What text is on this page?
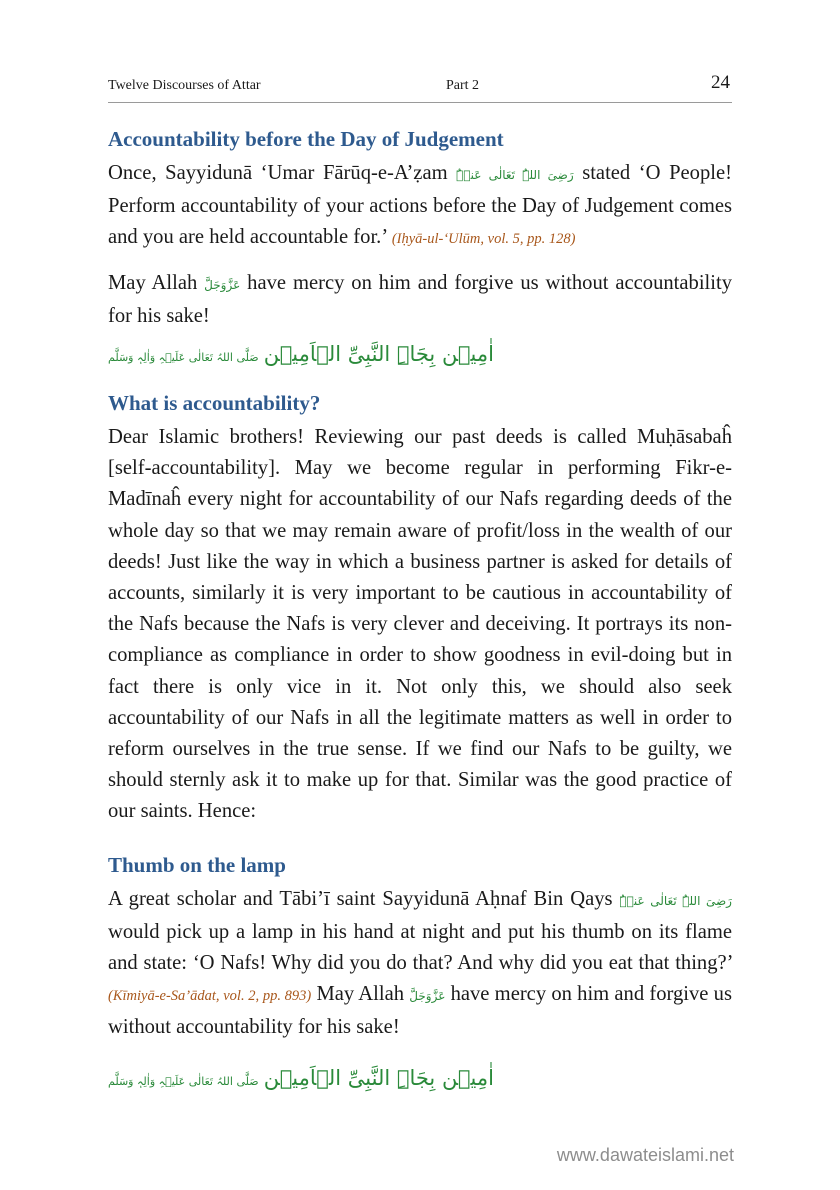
Twelve Discourses of Attar	Part 2	24
Accountability before the Day of Judgement

Once, Sayyidunā ‘Umar Fārūq-e-A’ẓam رَضِیَ اللہُ تَعَالٰی عَنۡہُ stated ‘O People! Perform accountability of your actions before the Day of Judgement comes and you are held accountable for.’ (Iḥyā-ul-‘Ulūm, vol. 5, pp. 128)

May Allah عَزَّوَجَلَّ have mercy on him and forgive us without accountability for his sake!

اٰمِیۡن بِجَاہِ النَّبِیِّ الۡاَمِیۡن صَلَّی اللہُ تَعَالٰی عَلَیۡہِ وَاٰلِہٖ وَسَلَّم
What is accountability?

Dear Islamic brothers! Reviewing our past deeds is called Muḥāsabaĥ [self-accountability]. May we become regular in performing Fikr-e-Madīnaĥ every night for accountability of our Nafs regarding deeds of the whole day so that we may remain aware of profit/loss in the wealth of our deeds! Just like the way in which a business partner is asked for details of accounts, similarly it is very important to be cautious in accountability of the Nafs because the Nafs is very clever and deceiving. It portrays its non-compliance as compliance in order to show goodness in evil-doing but in fact there is only vice in it. Not only this, we should also seek accountability of our Nafs in all the legitimate matters as well in order to reform ourselves in the true sense. If we find our Nafs to be guilty, we should sternly ask it to make up for that. Similar was the good practice of our saints. Hence:

Thumb on the lamp

A great scholar and Tābi’ī saint Sayyidunā Aḥnaf Bin Qays رَضِیَ اللہُ تَعَالٰی عَنۡہُ would pick up a lamp in his hand at night and put his thumb on its flame and state: ‘O Nafs! Why did you do that? And why did you eat that thing?’ (Kīmiyā-e-Sa’ādat, vol. 2, pp. 893) May Allah عَزَّوَجَلَّ have mercy on him and forgive us without accountability for his sake!

اٰمِیۡن بِجَاہِ النَّبِیِّ الۡاَمِیۡن صَلَّی اللہُ تَعَالٰی عَلَیۡہِ وَاٰلِہٖ وَسَلَّم
www.dawateislami.net
